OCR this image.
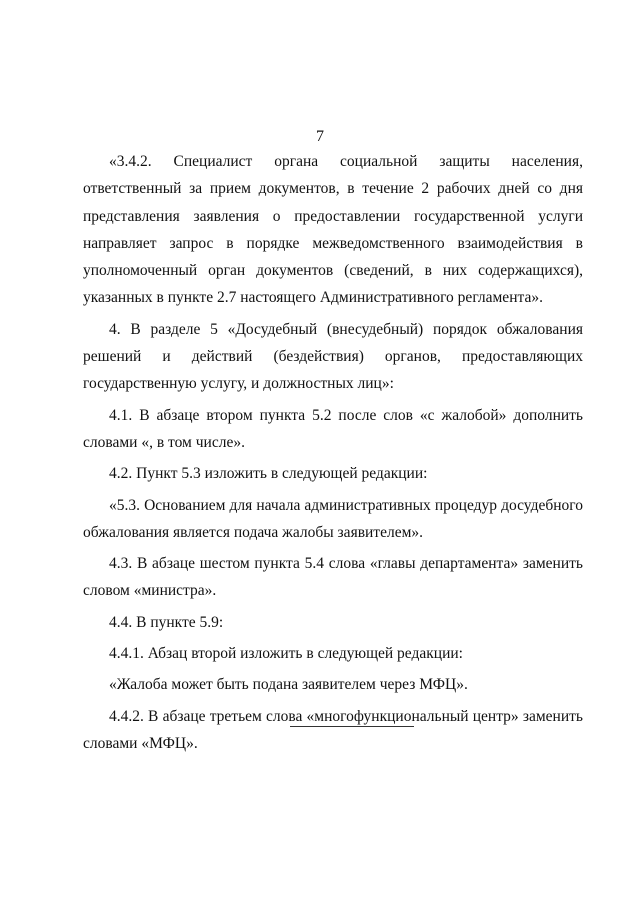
7

«3.4.2. Специалист органа социальной защиты населения, ответственный за прием документов, в течение 2 рабочих дней со дня представления заявления о предоставлении государственной услуги направляет запрос в порядке межведомственного взаимодействия в уполномоченный орган документов (сведений, в них содержащихся), указанных в пункте 2.7 настоящего Административного регламента».

4. В разделе 5 «Досудебный (внесудебный) порядок обжалования решений и действий (бездействия) органов, предоставляющих государственную услугу, и должностных лиц»:

4.1. В абзаце втором пункта 5.2 после слов «с жалобой» дополнить словами «, в том числе».

4.2. Пункт 5.3 изложить в следующей редакции:

«5.3. Основанием для начала административных процедур досудебного обжалования является подача жалобы заявителем».

4.3. В абзаце шестом пункта 5.4 слова «главы департамента» заменить словом «министра».

4.4. В пункте 5.9:

4.4.1. Абзац второй изложить в следующей редакции:

«Жалоба может быть подана заявителем через МФЦ».

4.4.2. В абзаце третьем слова «многофункциональный центр» заменить словами «МФЦ».
